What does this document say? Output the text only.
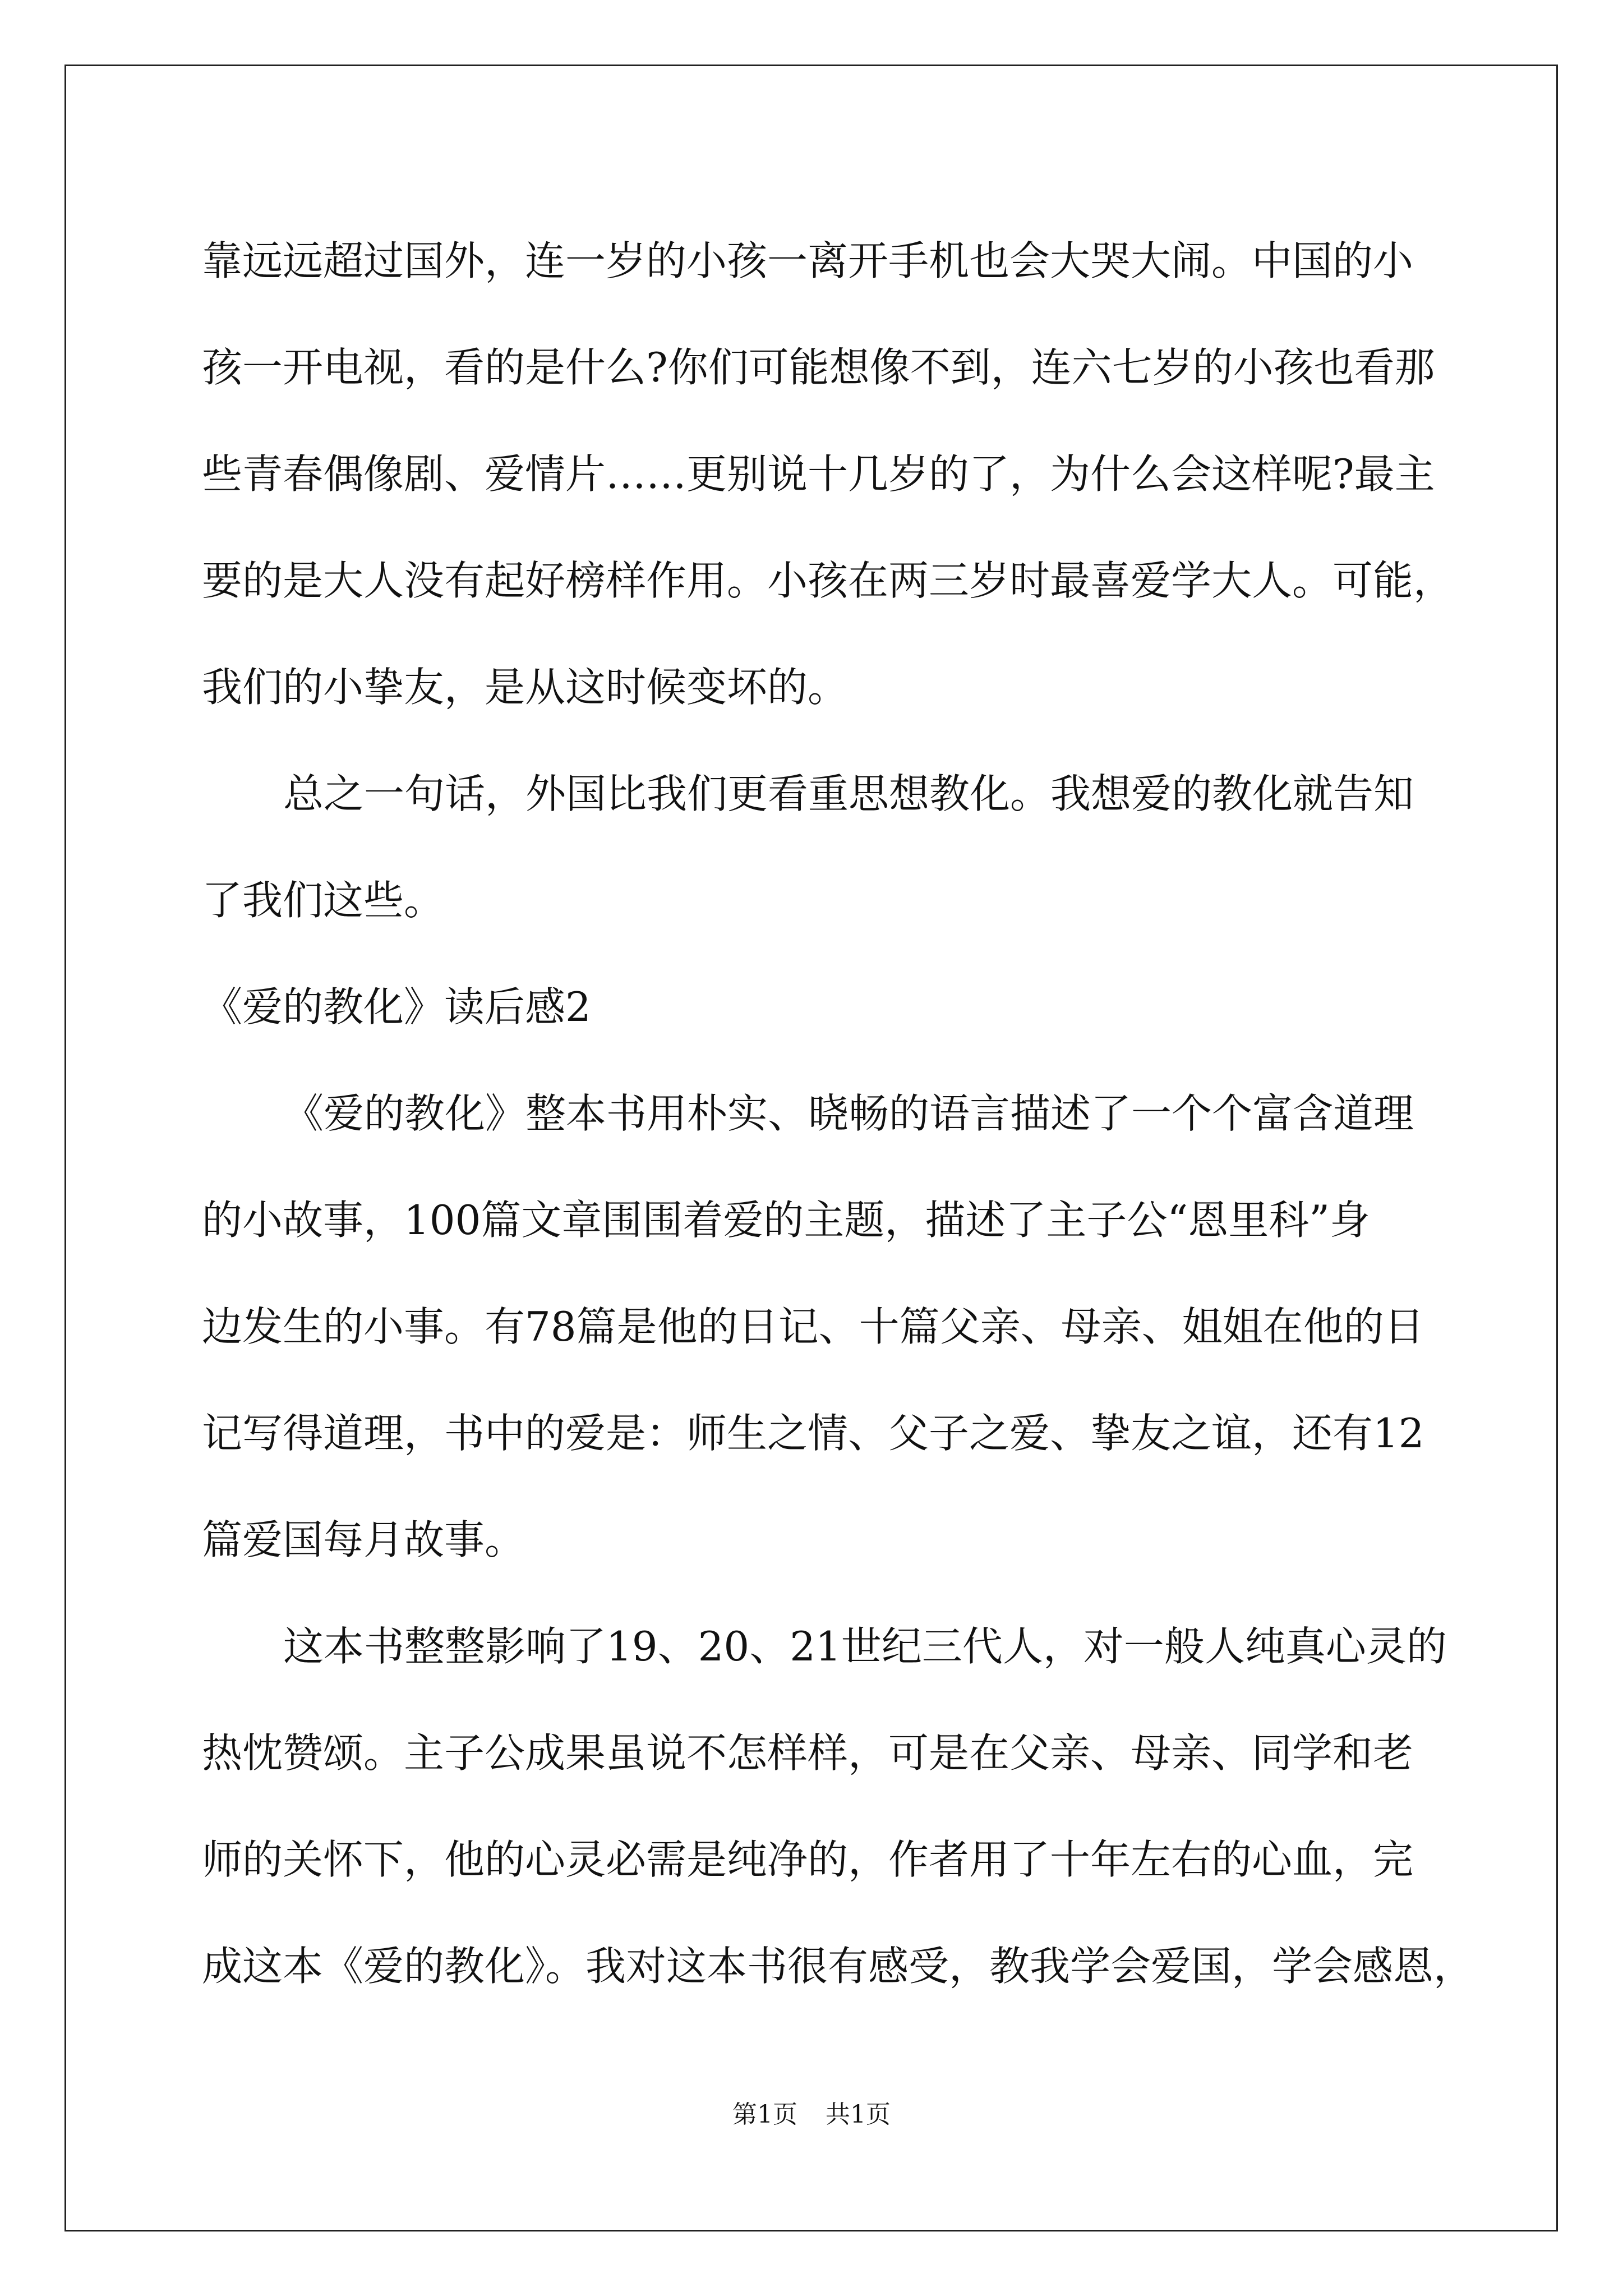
靠远远超过国外，连一岁的小孩一离开手机也会大哭大闹。中国的小
孩一开电视，看的是什么?你们可能想像不到，连六七岁的小孩也看那
些青春偶像剧、爱情片……更别说十几岁的了，为什么会这样呢?最主
要的是大人没有起好榜样作用。小孩在两三岁时最喜爱学大人。可能，
我们的小挚友，是从这时候变坏的。
总之一句话，外国比我们更看重思想教化。我想爱的教化就告知
了我们这些。
《爱的教化》读后感2
《爱的教化》整本书用朴实、晓畅的语言描述了一个个富含道理
的小故事，100篇文章围围着爱的主题，描述了主子公“恩里科”身
边发生的小事。有78篇是他的日记、十篇父亲、母亲、姐姐在他的日
记写得道理，书中的爱是：师生之情、父子之爱、挚友之谊，还有12
篇爱国每月故事。
这本书整整影响了19、20、21世纪三代人，对一般人纯真心灵的
热忱赞颂。主子公成果虽说不怎样样，可是在父亲、母亲、同学和老
师的关怀下，他的心灵必需是纯净的，作者用了十年左右的心血，完
成这本《爱的教化》。我对这本书很有感受，教我学会爱国，学会感恩，
第1页 共1页
